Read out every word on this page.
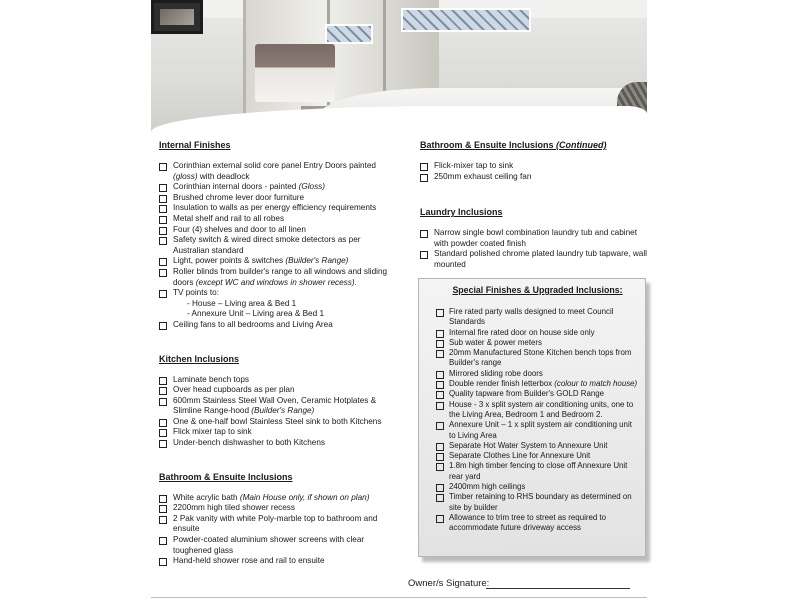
Internal Finishes
Corinthian external solid core panel Entry Doors painted (gloss) with deadlock
Corinthian internal doors - painted (Gloss)
Brushed chrome lever door furniture
Insulation to walls as per energy efficiency requirements
Metal shelf and rail to all robes
Four (4) shelves and door to all linen
Safety switch & wired direct smoke detectors as per Australian standard
Light, power points & switches (Builder's Range)
Roller blinds from builder's range to all windows and sliding doors (except WC and windows in shower recess).
TV points to:
- House – Living area & Bed 1
- Annexure Unit – Living area & Bed 1
Ceiling fans to all bedrooms and Living Area
Kitchen Inclusions
Laminate bench tops
Over head cupboards as per plan
600mm Stainless Steel Wall Oven, Ceramic Hotplates & Slimline Range-hood (Builder's Range)
One & one-half bowl Stainless Steel sink to both Kitchens
Flick mixer tap to sink
Under-bench dishwasher to both Kitchens
Bathroom & Ensuite Inclusions
White acrylic bath (Main House only, if shown on plan)
2200mm high tiled shower recess
2 Pak vanity with white Poly-marble top to bathroom and ensuite
Powder-coated aluminium shower screens with clear toughened glass
Hand-held shower rose and rail to ensuite
Bathroom & Ensuite Inclusions (Continued)
Flick-mixer tap to sink
250mm exhaust ceiling fan
Laundry Inclusions
Narrow single bowl combination laundry tub and cabinet with powder coated finish
Standard polished chrome plated laundry tub tapware, wall mounted
Special Finishes & Upgraded Inclusions:
Fire rated party walls designed to meet Council Standards
Internal fire rated door on house side only
Sub water & power meters
20mm Manufactured Stone Kitchen bench tops from Builder's range
Mirrored sliding robe doors
Double render finish letterbox (colour to match house)
Quality tapware from Builder's GOLD Range
House - 3 x split system air conditioning units, one to the Living Area, Bedroom 1 and Bedroom 2.
Annexure Unit – 1 x split system air conditioning unit to Living Area
Separate Hot Water System to Annexure Unit
Separate Clothes Line for Annexure Unit
1.8m high timber fencing to close off Annexure Unit rear yard
2400mm high ceilings
Timber retaining to RHS boundary as determined on site by builder
Allowance to trim tree to street as required to accommodate future driveway access
Owner/s Signature:
